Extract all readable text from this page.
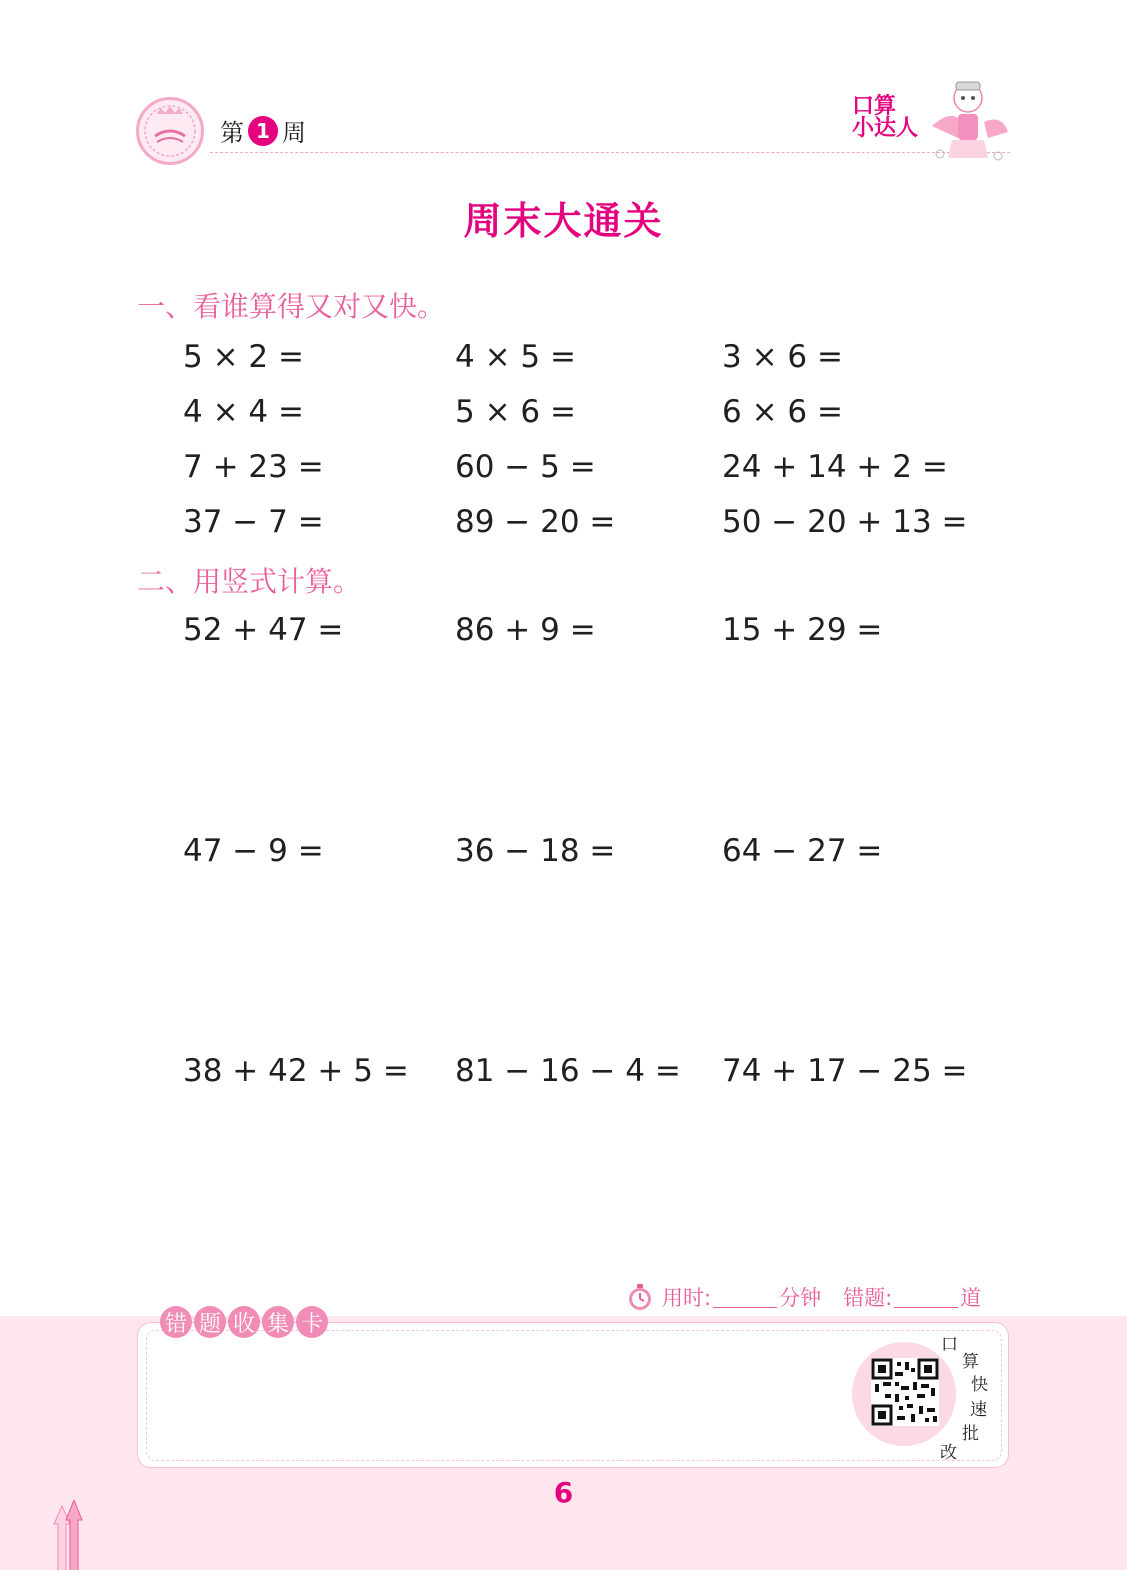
第 1 周
口算
小达人
周末大通关
一、看谁算得又对又快。
5 × 2 =	4 × 5 =	3 × 6 =
4 × 4 =	5 × 6 =	6 × 6 =
7 + 23 =	60 − 5 =	24 + 14 + 2 =
37 − 7 =	89 − 20 =	50 − 20 + 13 =
二、用竖式计算。
52 + 47 =	86 + 9 =	15 + 29 =
47 − 9 =	36 − 18 =	64 − 27 =
38 + 42 + 5 = 81 − 16 − 4 = 74 + 17 − 25 =
用时:	分钟 错题:	道
错 题 收 集 卡
口
算
快
速
批
改
6
